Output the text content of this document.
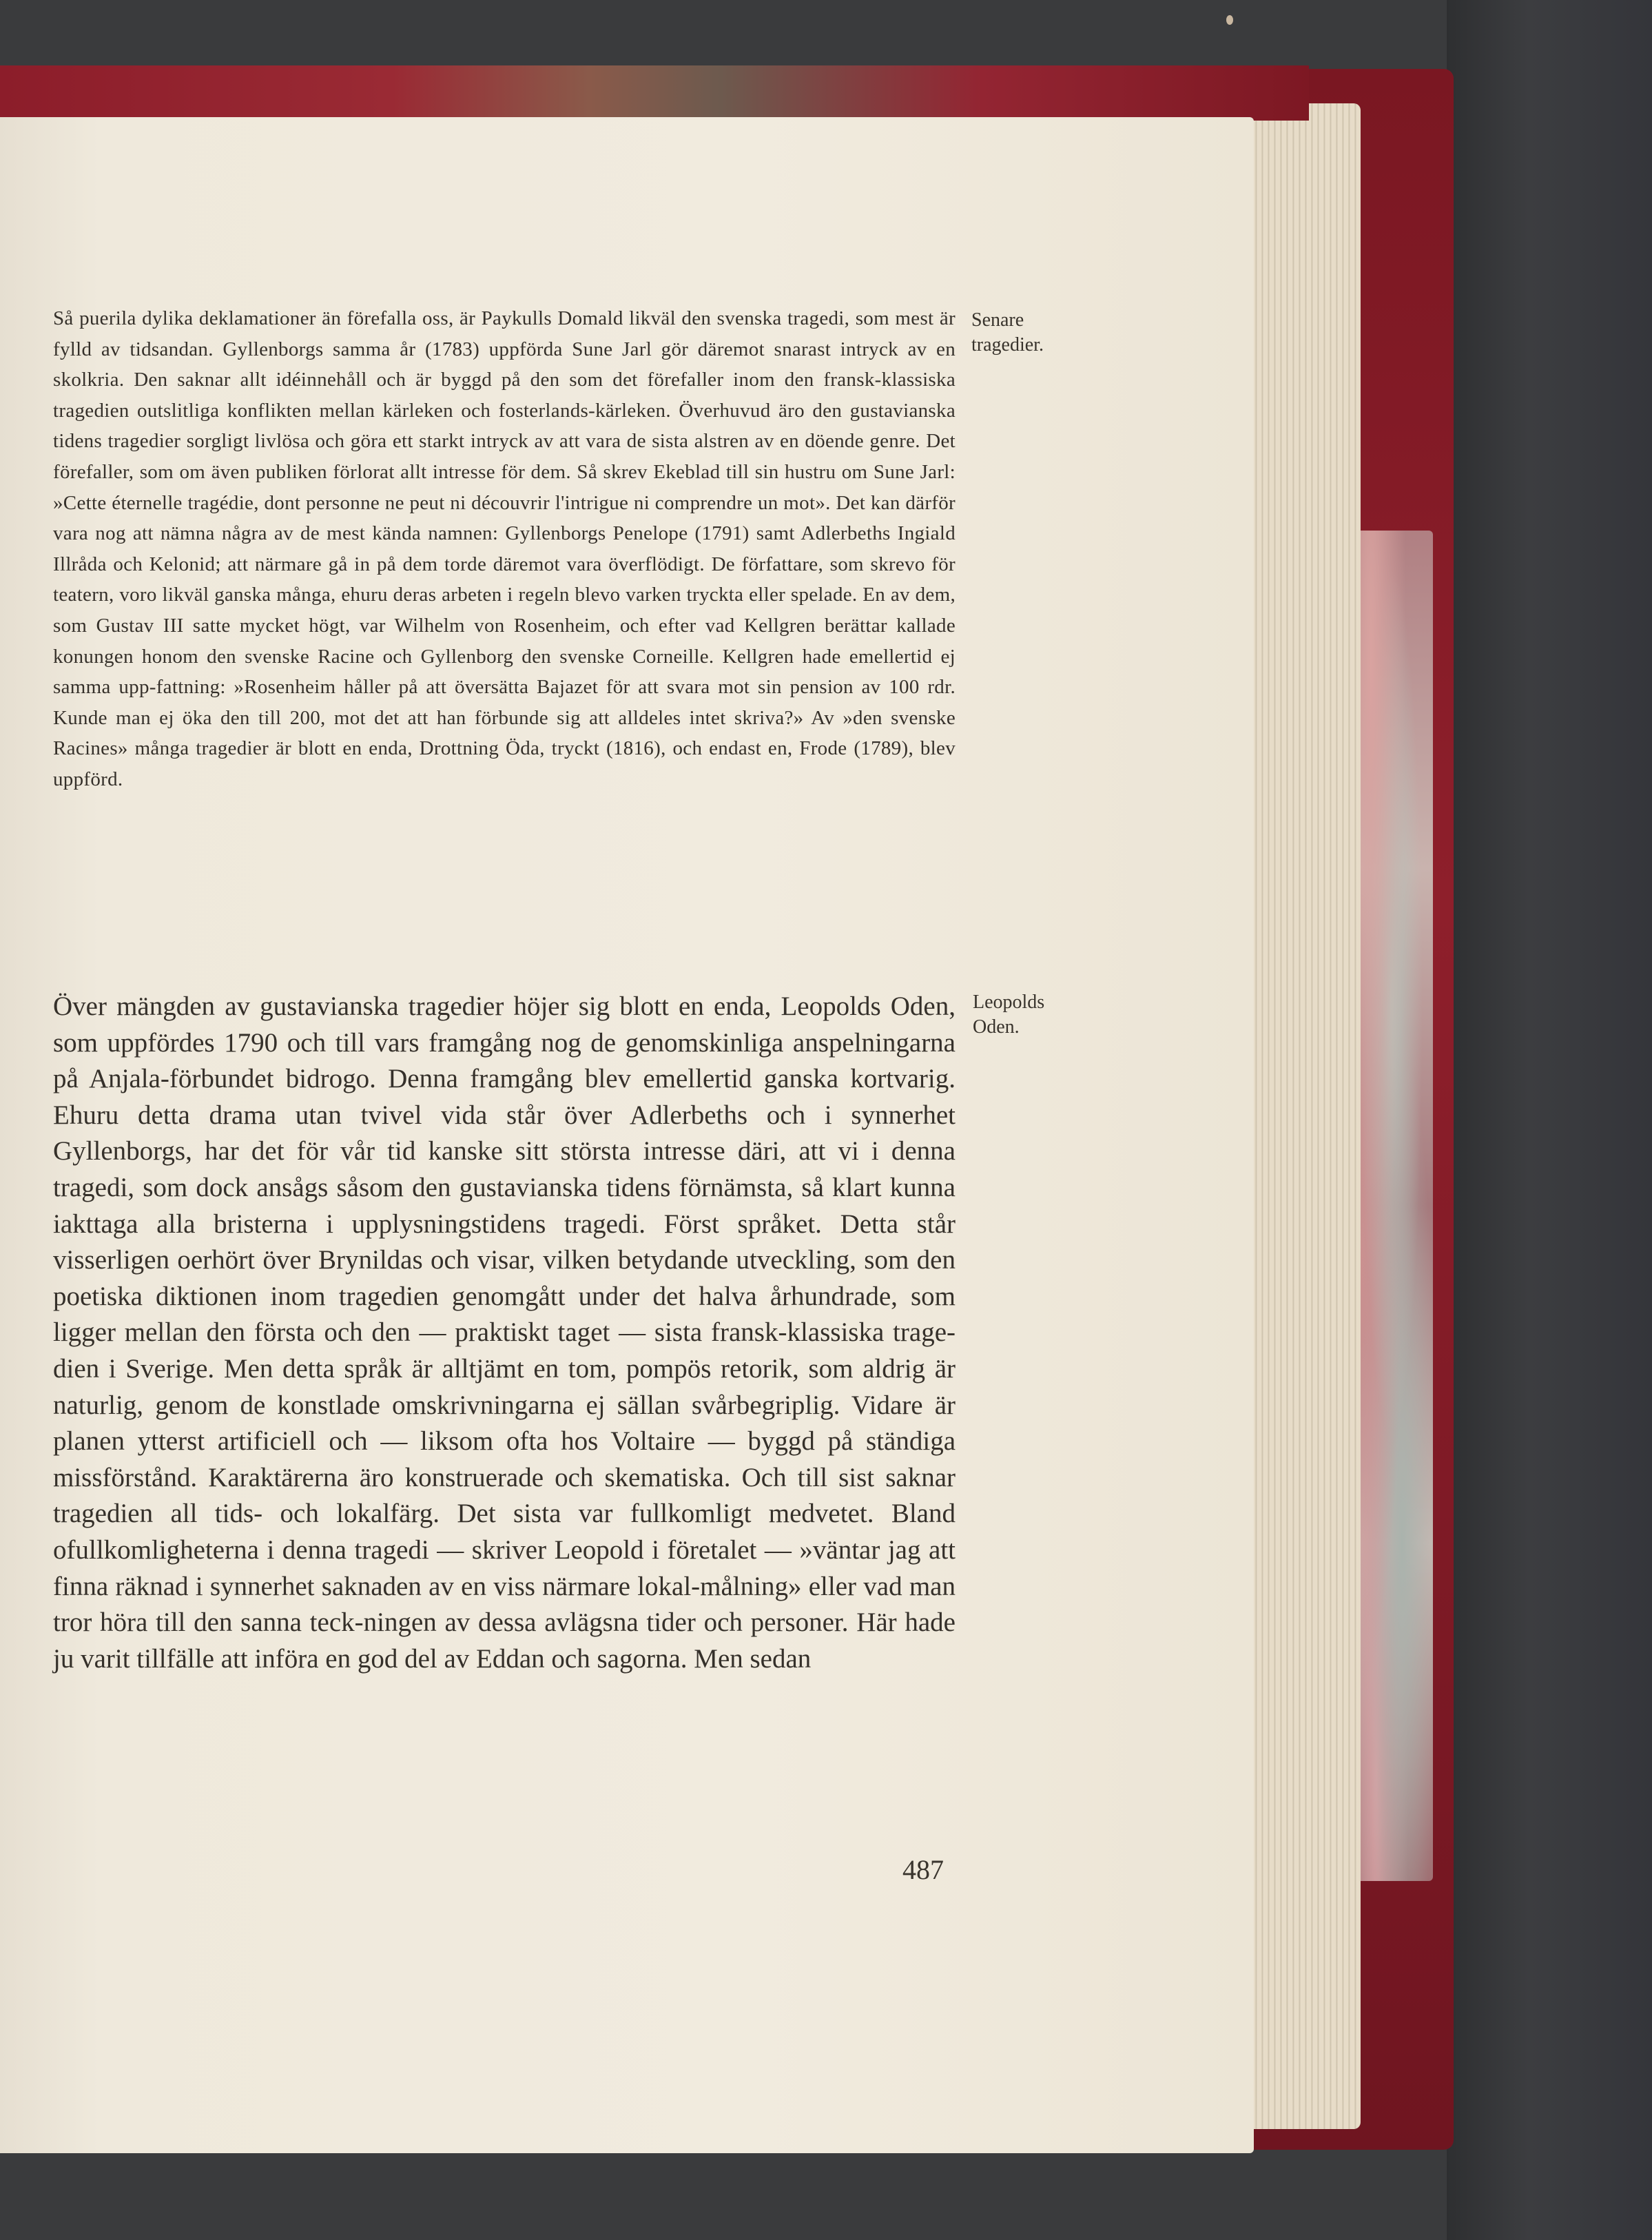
Så puerila dylika deklamationer än förefalla oss, är Paykulls Domald likväl den svenska tragedi, som mest är fylld av tidsandan. Gyllenborgs samma år (1783) uppförda Sune Jarl gör däremot snarast intryck av en skolkria. Den saknar allt idéinnehåll och är byggd på den som det förefaller inom den fransk-klassiska tragedien outslitliga konflikten mellan kärleken och fosterlands-kärleken. Överhuvud äro den gustavianska tidens tragedier sorgligt livlösa och göra ett starkt intryck av att vara de sista alstren av en döende genre. Det förefaller, som om även publiken förlorat allt intresse för dem. Så skrev Ekeblad till sin hustru om Sune Jarl: »Cette éternelle tragédie, dont personne ne peut ni découvrir l'intrigue ni comprendre un mot». Det kan därför vara nog att nämna några av de mest kända namnen: Gyllenborgs Penelope (1791) samt Adlerbeths Ingiald Illråda och Kelonid; att närmare gå in på dem torde däremot vara överflödigt. De författare, som skrevo för teatern, voro likväl ganska många, ehuru deras arbeten i regeln blevo varken tryckta eller spelade. En av dem, som Gustav III satte mycket högt, var Wilhelm von Rosenheim, och efter vad Kellgren berättar kallade konungen honom den svenske Racine och Gyllenborg den svenske Corneille. Kellgren hade emellertid ej samma upp-fattning: »Rosenheim håller på att översätta Bajazet för att svara mot sin pension av 100 rdr. Kunde man ej öka den till 200, mot det att han förbunde sig att alldeles intet skriva?» Av »den svenske Racines» många tragedier är blott en enda, Drottning Öda, tryckt (1816), och endast en, Frode (1789), blev uppförd.
Senare tragedier.
Över mängden av gustavianska tragedier höjer sig blott en enda, Leopolds Oden, som uppfördes 1790 och till vars framgång nog de genomskinliga anspelningarna på Anjala-förbundet bidrogo. Denna framgång blev emellertid ganska kortvarig. Ehuru detta drama utan tvivel vida står över Adlerbeths och i synnerhet Gyllenborgs, har det för vår tid kanske sitt största intresse däri, att vi i denna tragedi, som dock ansågs såsom den gustavianska tidens förnämsta, så klart kunna iakttaga alla bristerna i upplysningstidens tragedi. Först språket. Detta står visserligen oerhört över Brynildas och visar, vilken betydande utveckling, som den poetiska diktionen inom tragedien genomgått under det halva århundrade, som ligger mellan den första och den — praktiskt taget — sista fransk-klassiska trage-dien i Sverige. Men detta språk är alltjämt en tom, pompös retorik, som aldrig är naturlig, genom de konstlade omskrivningarna ej sällan svårbegriplig. Vidare är planen ytterst artificiell och — liksom ofta hos Voltaire — byggd på ständiga missförstånd. Karaktärerna äro konstruerade och skematiska. Och till sist saknar tragedien all tids- och lokalfärg. Det sista var fullkomligt medvetet. Bland ofullkomligheterna i denna tragedi — skriver Leopold i företalet — »väntar jag att finna räknad i synnerhet saknaden av en viss närmare lokal-målning» eller vad man tror höra till den sanna teck-ningen av dessa avlägsna tider och personer. Här hade ju varit tillfälle att införa en god del av Eddan och sagorna. Men sedan
Leopolds Oden.
487
